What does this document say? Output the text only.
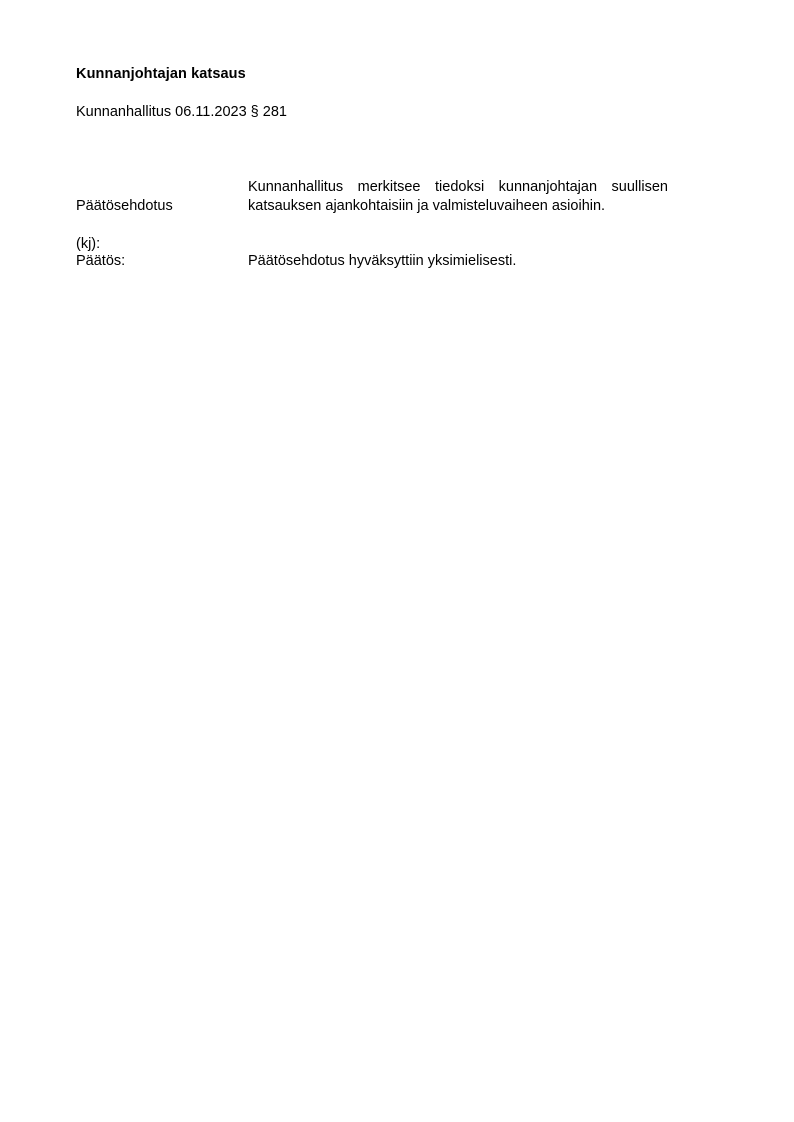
Kunnanjohtajan katsaus
Kunnanhallitus 06.11.2023 § 281

Päätösehdotus

(kj):

Kunnanhallitus merkitsee tiedoksi kunnanjohtajan suullisen
katsauksen ajankohtaisiin ja valmisteluvaiheen asioihin.
Päätös:	Päätösehdotus hyväksyttiin yksimielisesti.
